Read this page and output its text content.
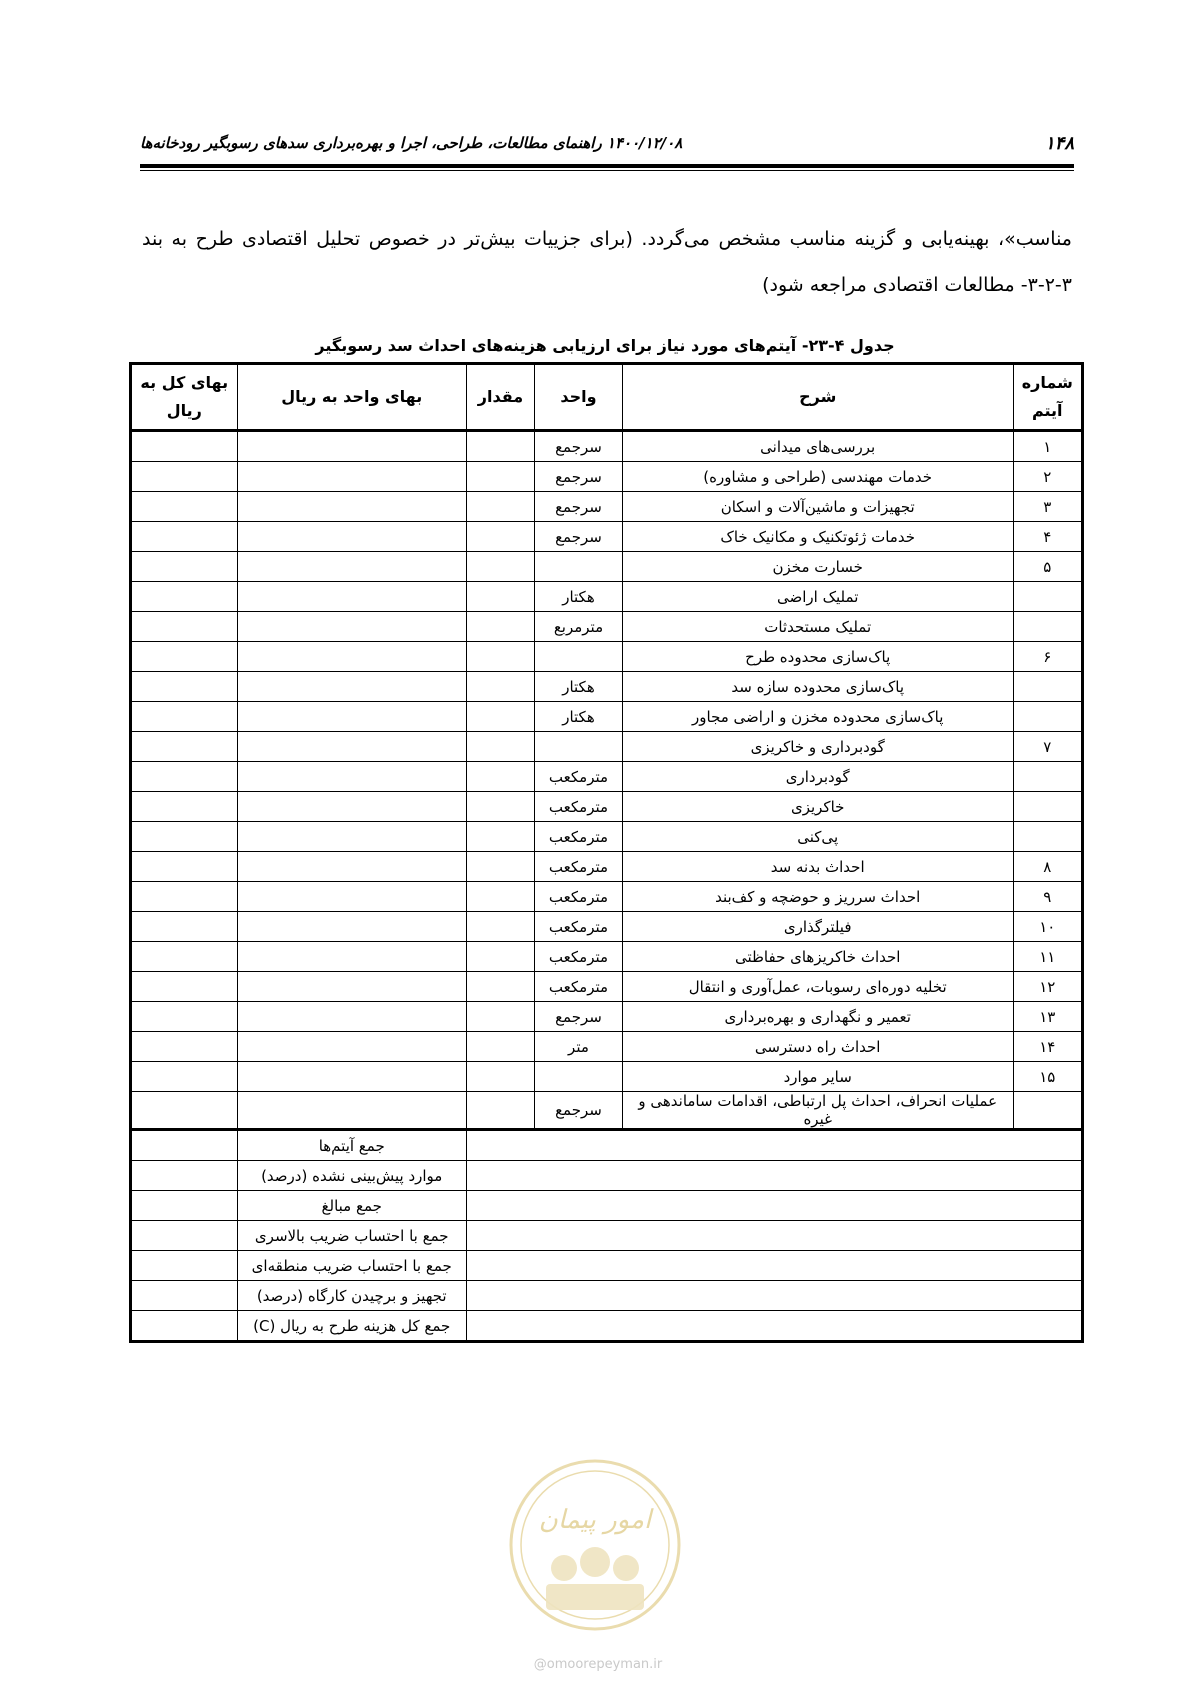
۱۴۸
۱۴۰۰/۱۲/۰۸ راهنمای مطالعات، طراحی، اجرا و بهره‌برداری سدهای رسوبگیر رودخانه‌ها
مناسب»، بهینه‌یابی و گزینه مناسب مشخص می‌گردد. (برای جزییات بیش‌تر در خصوص تحلیل اقتصادی طرح به بند ۳-۲-۳- مطالعات اقتصادی مراجعه شود)
جدول ۴-۲۳- آیتم‌های مورد نیاز برای ارزیابی هزینه‌های احداث سد رسوبگیر
شماره آیتم	شرح	واحد	مقدار	بهای واحد به ریال	بهای کل به ریال
۱	بررسی‌های میدانی	سرجمع			
۲	خدمات مهندسی (طراحی و مشاوره)	سرجمع			
۳	تجهیزات و ماشین‌آلات و اسکان	سرجمع			
۴	خدمات ژئوتکنیک و مکانیک خاک	سرجمع			
۵	خسارت مخزن				
	تملیک اراضی	هکتار			
	تملیک مستحدثات	مترمربع			
۶	پاک‌سازی محدوده طرح				
	پاک‌سازی محدوده سازه سد	هکتار			
	پاک‌سازی محدوده مخزن و اراضی مجاور	هکتار			
۷	گودبرداری و خاکریزی				
	گودبرداری	مترمکعب			
	خاکریزی	مترمکعب			
	پی‌کنی	مترمکعب			
۸	احداث بدنه سد	مترمکعب			
۹	احداث سرریز و حوضچه و کف‌بند	مترمکعب			
۱۰	فیلترگذاری	مترمکعب			
۱۱	احداث خاکریزهای حفاظتی	مترمکعب			
۱۲	تخلیه دوره‌ای رسوبات، عمل‌آوری و انتقال	مترمکعب			
۱۳	تعمیر و نگهداری و بهره‌برداری	سرجمع			
۱۴	احداث راه دسترسی	متر			
۱۵	سایر موارد				
	عملیات انحراف، احداث پل ارتباطی، اقدامات ساماندهی و غیره	سرجمع			
				جمع آیتم‌ها	
				موارد پیش‌بینی نشده (درصد)	
				جمع مبالغ	
				جمع با احتساب ضریب بالاسری	
				جمع با احتساب ضریب منطقه‌ای	
				تجهیز و برچیدن کارگاه (درصد)	
				جمع کل هزینه طرح به ریال (C)	
امور پیمان
@omoorepeyman.ir
